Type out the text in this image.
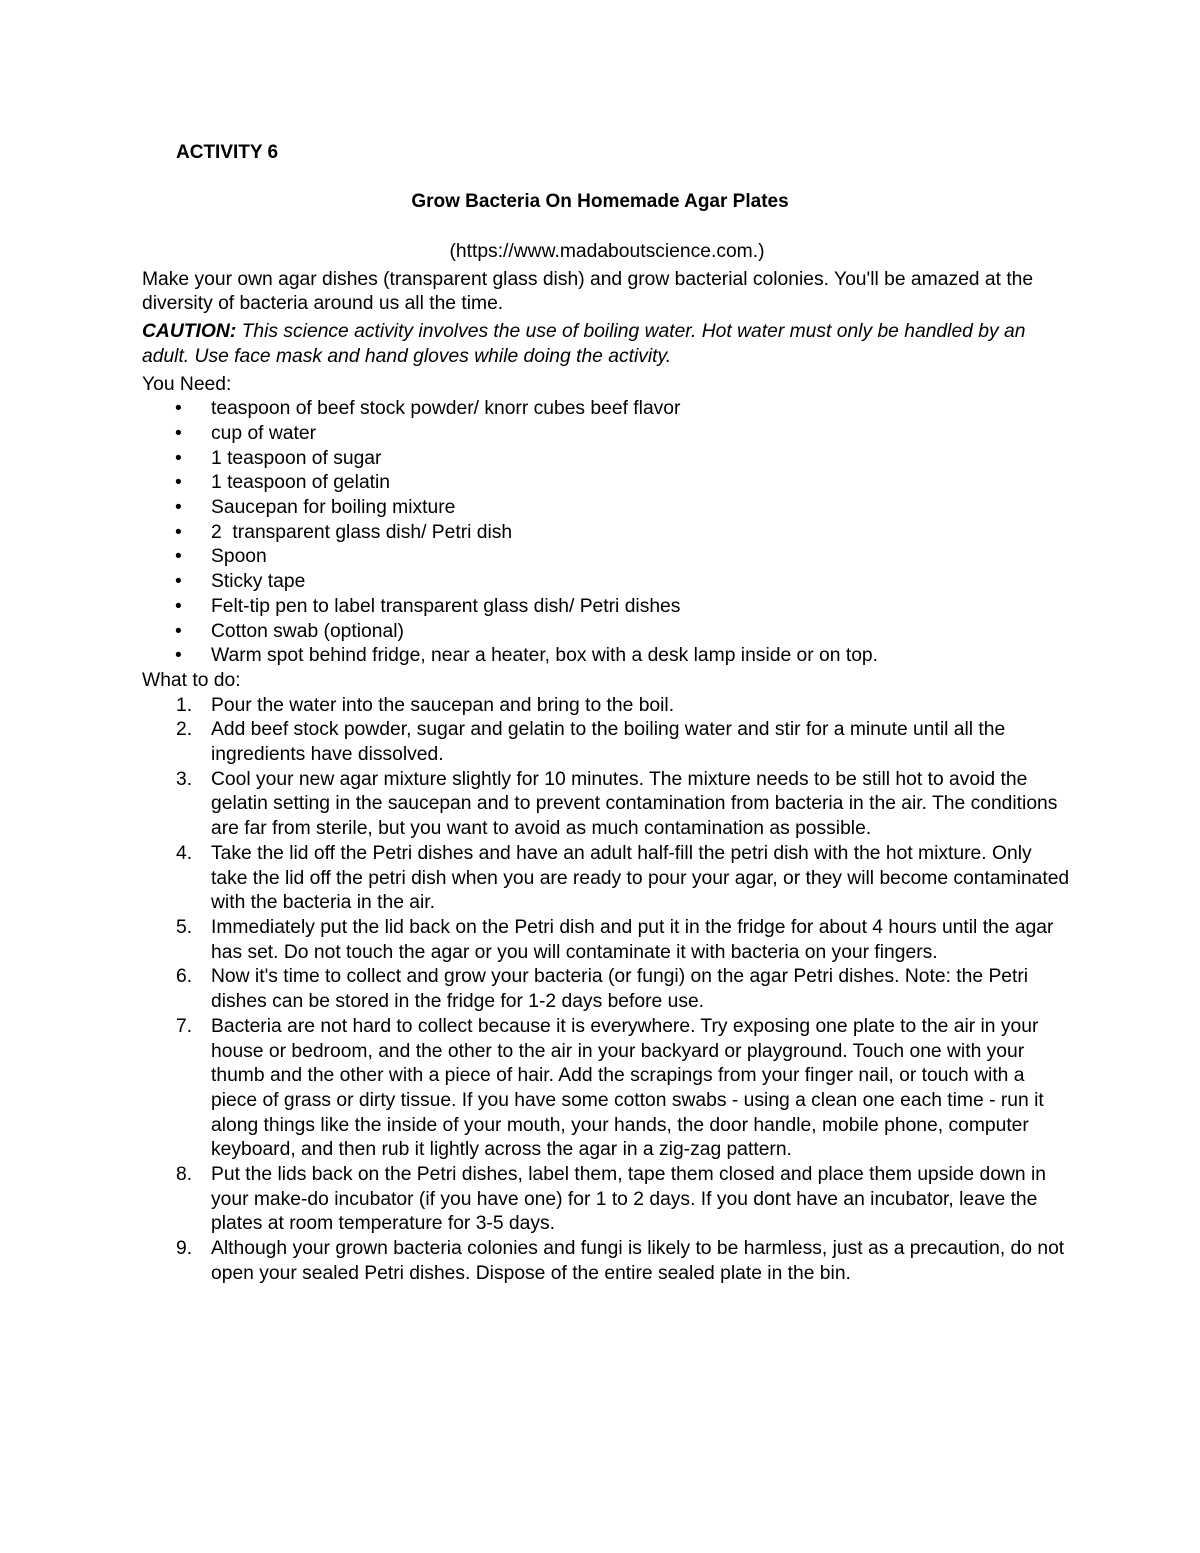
ACTIVITY 6

Grow Bacteria On Homemade Agar Plates

(https://www.madaboutscience.com.)

Make your own agar dishes (transparent glass dish) and grow bacterial colonies. You'll be amazed at the diversity of bacteria around us all the time.

CAUTION: This science activity involves the use of boiling water. Hot water must only be handled by an adult. Use face mask and hand gloves while doing the activity.

You Need:

• teaspoon of beef stock powder/ knorr cubes beef flavor
• cup of water
• 1 teaspoon of sugar
• 1 teaspoon of gelatin
• Saucepan for boiling mixture
• 2  transparent glass dish/ Petri dish
• Spoon
• Sticky tape
• Felt-tip pen to label transparent glass dish/ Petri dishes
• Cotton swab (optional)
• Warm spot behind fridge, near a heater, box with a desk lamp inside or on top.

What to do:

1. Pour the water into the saucepan and bring to the boil.
2. Add beef stock powder, sugar and gelatin to the boiling water and stir for a minute until all the ingredients have dissolved.
3. Cool your new agar mixture slightly for 10 minutes. The mixture needs to be still hot to avoid the gelatin setting in the saucepan and to prevent contamination from bacteria in the air. The conditions are far from sterile, but you want to avoid as much contamination as possible.
4. Take the lid off the Petri dishes and have an adult half-fill the petri dish with the hot mixture. Only take the lid off the petri dish when you are ready to pour your agar, or they will become contaminated with the bacteria in the air.
5. Immediately put the lid back on the Petri dish and put it in the fridge for about 4 hours until the agar has set. Do not touch the agar or you will contaminate it with bacteria on your fingers.
6. Now it's time to collect and grow your bacteria (or fungi) on the agar Petri dishes. Note: the Petri dishes can be stored in the fridge for 1-2 days before use.
7. Bacteria are not hard to collect because it is everywhere. Try exposing one plate to the air in your house or bedroom, and the other to the air in your backyard or playground. Touch one with your thumb and the other with a piece of hair. Add the scrapings from your finger nail, or touch with a piece of grass or dirty tissue. If you have some cotton swabs - using a clean one each time - run it along things like the inside of your mouth, your hands, the door handle, mobile phone, computer keyboard, and then rub it lightly across the agar in a zig-zag pattern.
8. Put the lids back on the Petri dishes, label them, tape them closed and place them upside down in your make-do incubator (if you have one) for 1 to 2 days. If you dont have an incubator, leave the plates at room temperature for 3-5 days.
9. Although your grown bacteria colonies and fungi is likely to be harmless, just as a precaution, do not open your sealed Petri dishes. Dispose of the entire sealed plate in the bin.
